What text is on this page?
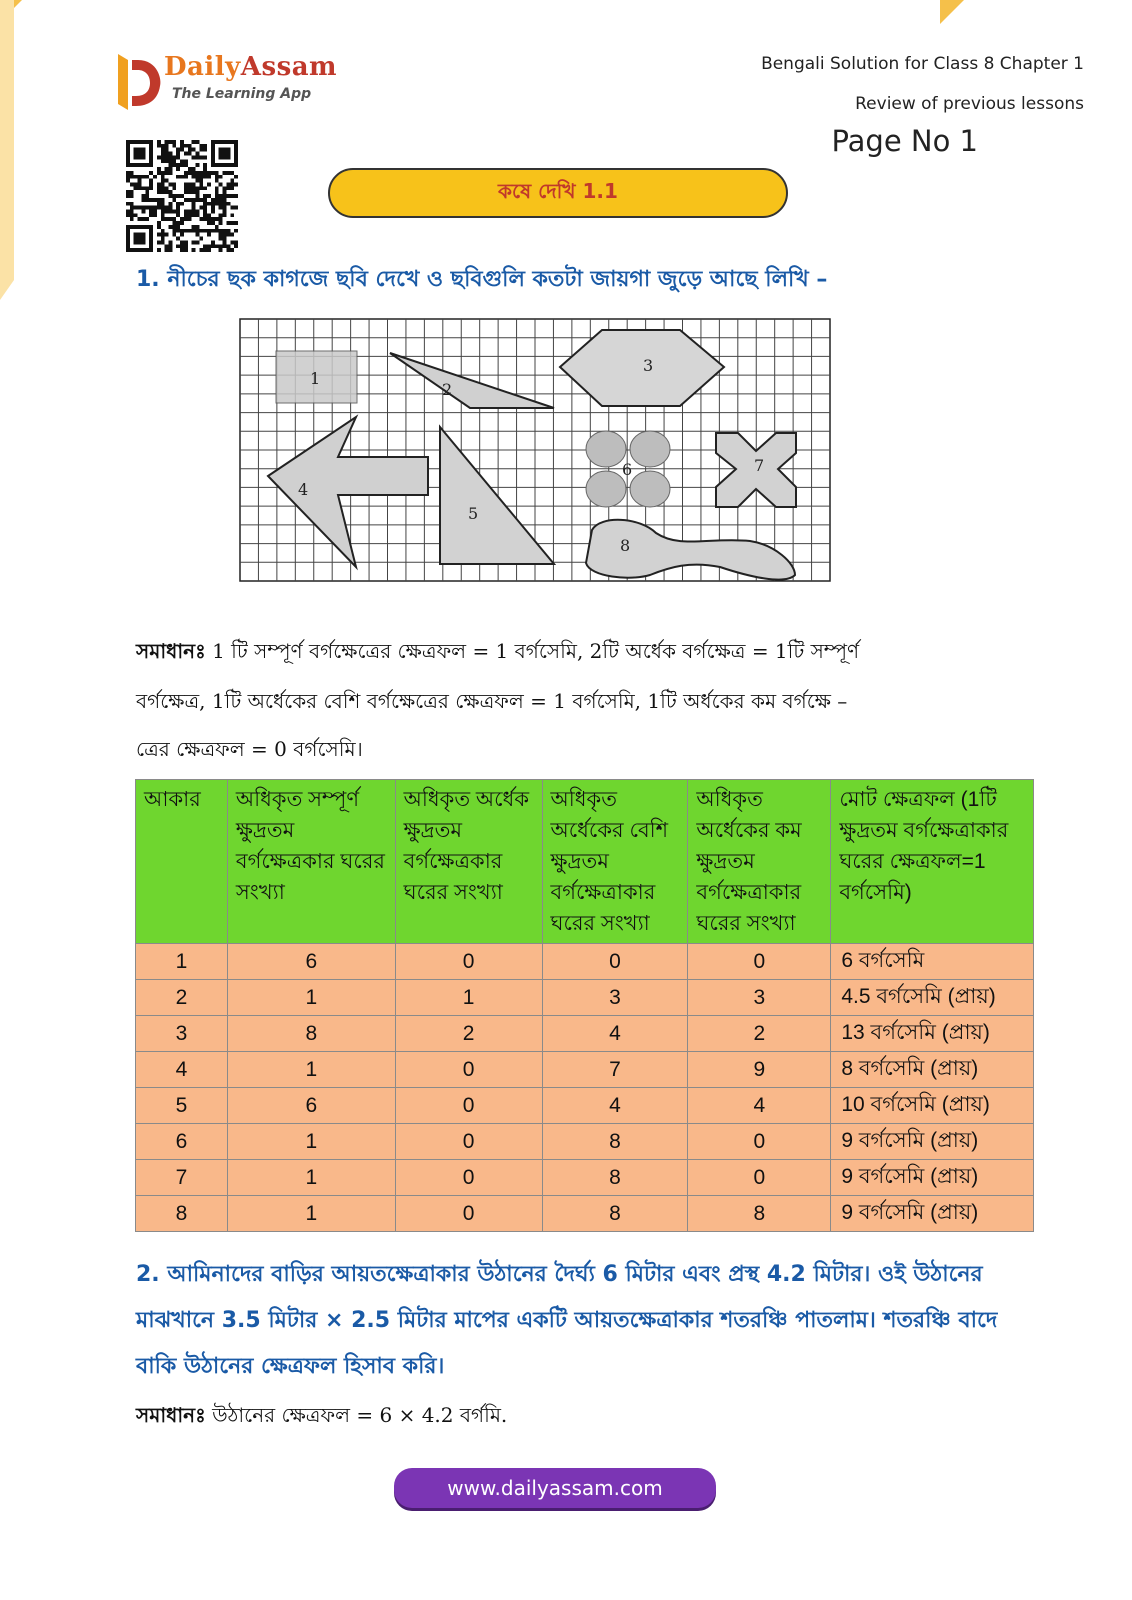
DailyAssam
The Learning App
Bengali Solution for Class 8 Chapter 1
Review of previous lessons
Page No 1
কষে দেখি 1.1
1. নীচের ছক কাগজে ছবি দেখে ও ছবিগুলি কতটা জায়গা জুড়ে আছে লিখি –
1
2
3
4
5
6	7
8
সমাধানঃ 1 টি সম্পূর্ণ বর্গক্ষেত্রের ক্ষেত্রফল = 1 বর্গসেমি, 2টি অর্ধেক বর্গক্ষেত্র = 1টি সম্পূর্ণ
বর্গক্ষেত্র, 1টি অর্ধেকের বেশি বর্গক্ষেত্রের ক্ষেত্রফল = 1 বর্গসেমি, 1টি অর্ধকের কম বর্গক্ষে –
ত্রের ক্ষেত্রফল = 0 বর্গসেমি।
আকার	অধিকৃত সম্পূর্ণ ক্ষুদ্রতম বর্গক্ষেত্রকার ঘরের সংখ্যা	অধিকৃত অর্ধেক ক্ষুদ্রতম বর্গক্ষেত্রকার ঘরের সংখ্যা	অধিকৃত অর্ধেকের বেশি ক্ষুদ্রতম বর্গক্ষেত্রাকার ঘরের সংখ্যা	অধিকৃত অর্ধেকের কম ক্ষুদ্রতম বর্গক্ষেত্রাকার ঘরের সংখ্যা	মোট ক্ষেত্রফল (1টি ক্ষুদ্রতম বর্গক্ষেত্রাকার ঘরের ক্ষেত্রফল=1 বর্গসেমি)
1	6	0	0	0	6 বর্গসেমি
2	1	1	3	3	4.5 বর্গসেমি (প্রায়)
3	8	2	4	2	13 বর্গসেমি (প্রায়)
4	1	0	7	9	8 বর্গসেমি (প্রায়)
5	6	0	4	4	10 বর্গসেমি (প্রায়)
6	1	0	8	0	9 বর্গসেমি (প্রায়)
7	1	0	8	0	9 বর্গসেমি (প্রায়)
8	1	0	8	8	9 বর্গসেমি (প্রায়)
2. আমিনাদের বাড়ির আয়তক্ষেত্রাকার উঠানের দৈর্ঘ্য 6 মিটার এবং প্রস্থ 4.2 মিটার। ওই উঠানের মাঝখানে 3.5 মিটার × 2.5 মিটার মাপের একটি আয়তক্ষেত্রাকার শতরঞ্চি পাতলাম। শতরঞ্চি বাদে বাকি উঠানের ক্ষেত্রফল হিসাব করি।
সমাধানঃ উঠানের ক্ষেত্রফল = 6 × 4.2 বর্গমি.
www.dailyassam.com
